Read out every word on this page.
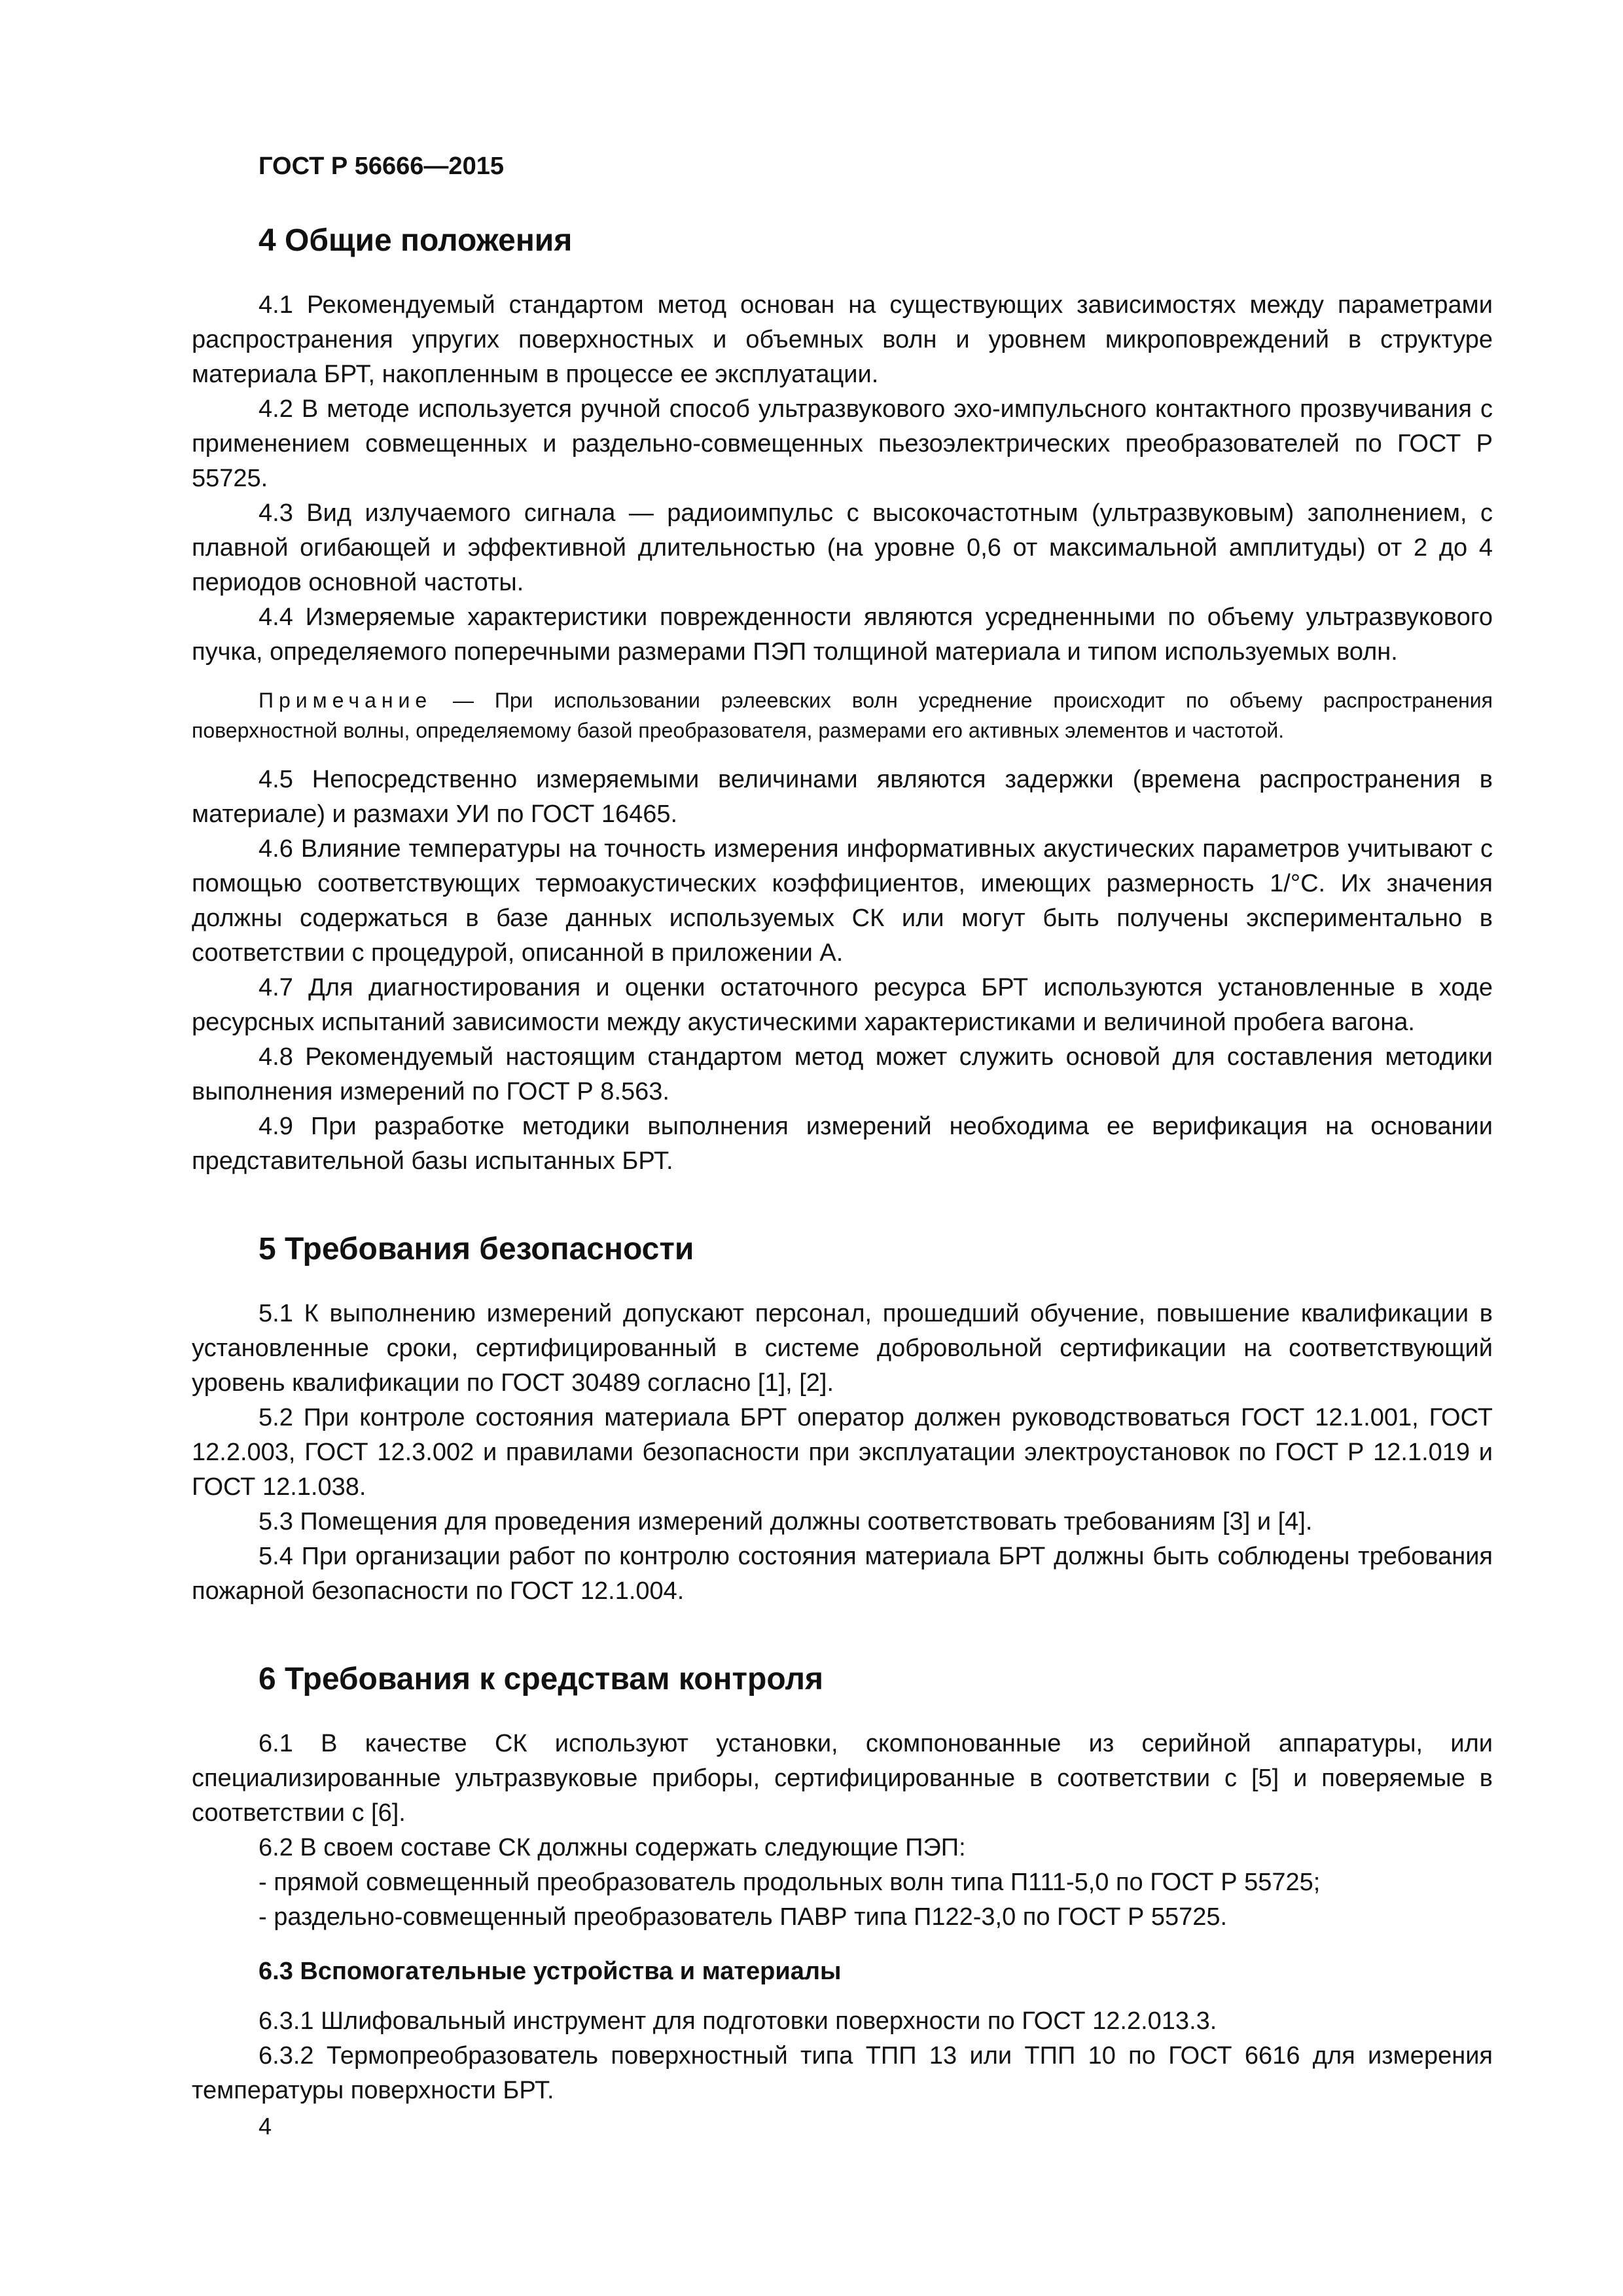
ГОСТ Р 56666—2015

4 Общие положения

4.1 Рекомендуемый стандартом метод основан на существующих зависимостях между параметрами распространения упругих поверхностных и объемных волн и уровнем микроповреждений в структуре материала БРТ, накопленным в процессе ее эксплуатации.

4.2 В методе используется ручной способ ультразвукового эхо-импульсного контактного прозвучивания с применением совмещенных и раздельно-совмещенных пьезоэлектрических преобразователей по ГОСТ Р 55725.

4.3 Вид излучаемого сигнала — радиоимпульс с высокочастотным (ультразвуковым) заполнением, с плавной огибающей и эффективной длительностью (на уровне 0,6 от максимальной амплитуды) от 2 до 4 периодов основной частоты.

4.4 Измеряемые характеристики поврежденности являются усредненными по объему ультразвукового пучка, определяемого поперечными размерами ПЭП толщиной материала и типом используемых волн.

Примечание — При использовании рэлеевских волн усреднение происходит по объему распространения поверхностной волны, определяемому базой преобразователя, размерами его активных элементов и частотой.

4.5 Непосредственно измеряемыми величинами являются задержки (времена распространения в материале) и размахи УИ по ГОСТ 16465.

4.6 Влияние температуры на точность измерения информативных акустических параметров учитывают с помощью соответствующих термоакустических коэффициентов, имеющих размерность 1/°С. Их значения должны содержаться в базе данных используемых СК или могут быть получены экспериментально в соответствии с процедурой, описанной в приложении А.

4.7 Для диагностирования и оценки остаточного ресурса БРТ используются установленные в ходе ресурсных испытаний зависимости между акустическими характеристиками и величиной пробега вагона.

4.8 Рекомендуемый настоящим стандартом метод может служить основой для составления методики выполнения измерений по ГОСТ Р 8.563.

4.9 При разработке методики выполнения измерений необходима ее верификация на основании представительной базы испытанных БРТ.

5 Требования безопасности

5.1 К выполнению измерений допускают персонал, прошедший обучение, повышение квалификации в установленные сроки, сертифицированный в системе добровольной сертификации на соответствующий уровень квалификации по ГОСТ 30489 согласно [1], [2].

5.2 При контроле состояния материала БРТ оператор должен руководствоваться ГОСТ 12.1.001, ГОСТ 12.2.003, ГОСТ 12.3.002 и правилами безопасности при эксплуатации электроустановок по ГОСТ Р 12.1.019 и ГОСТ 12.1.038.

5.3 Помещения для проведения измерений должны соответствовать требованиям [3] и [4].

5.4 При организации работ по контролю состояния материала БРТ должны быть соблюдены требования пожарной безопасности по ГОСТ 12.1.004.

6 Требования к средствам контроля

6.1 В качестве СК используют установки, скомпонованные из серийной аппаратуры, или специализированные ультразвуковые приборы, сертифицированные в соответствии с [5] и поверяемые в соответствии с [6].

6.2 В своем составе СК должны содержать следующие ПЭП:

- прямой совмещенный преобразователь продольных волн типа П111-5,0 по ГОСТ Р 55725;
- раздельно-совмещенный преобразователь ПАВР типа П122-3,0 по ГОСТ Р 55725.
6.3 Вспомогательные устройства и материалы

6.3.1 Шлифовальный инструмент для подготовки поверхности по ГОСТ 12.2.013.3.

6.3.2 Термопреобразователь поверхностный типа ТПП 13 или ТПП 10 по ГОСТ 6616 для измерения температуры поверхности БРТ.

4
